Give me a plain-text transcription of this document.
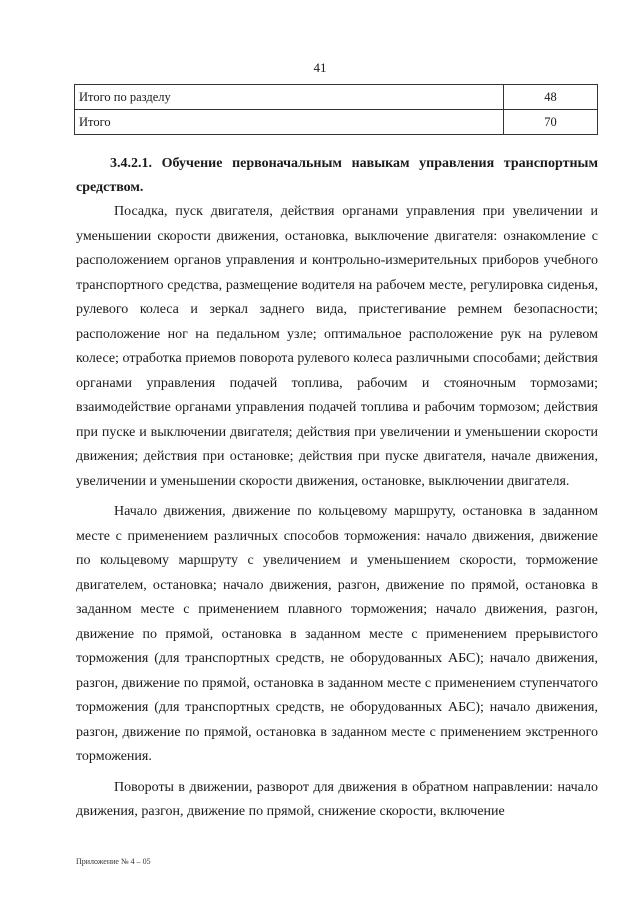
41
Итого по разделу	48
Итого	70

3.4.2.1. Обучение первоначальным навыкам управления транспортным средством.

Посадка, пуск двигателя, действия органами управления при увеличении и уменьшении скорости движения, остановка, выключение двигателя: ознакомление с расположением органов управления и контрольно-измерительных приборов учебного транспортного средства, размещение водителя на рабочем месте, регулировка сиденья, рулевого колеса и зеркал заднего вида, пристегивание ремнем безопасности; расположение ног на педальном узле; оптимальное расположение рук на рулевом колесе; отработка приемов поворота рулевого колеса различными способами; действия органами управления подачей топлива, рабочим и стояночным тормозами; взаимодействие органами управления подачей топлива и рабочим тормозом; действия при пуске и выключении двигателя; действия при увеличении и уменьшении скорости движения; действия при остановке; действия при пуске двигателя, начале движения, увеличении и уменьшении скорости движения, остановке, выключении двигателя.

Начало движения, движение по кольцевому маршруту, остановка в заданном месте с применением различных способов торможения: начало движения, движение по кольцевому маршруту с увеличением и уменьшением скорости, торможение двигателем, остановка; начало движения, разгон, движение по прямой, остановка в заданном месте с применением плавного торможения; начало движения, разгон, движение по прямой, остановка в заданном месте с применением прерывистого торможения (для транспортных средств, не оборудованных АБС); начало движения, разгон, движение по прямой, остановка в заданном месте с применением ступенчатого торможения (для транспортных средств, не оборудованных АБС); начало движения, разгон, движение по прямой, остановка в заданном месте с применением экстренного торможения.

Повороты в движении, разворот для движения в обратном направлении: начало движения, разгон, движение по прямой, снижение скорости, включение

Приложение № 4 – 05
